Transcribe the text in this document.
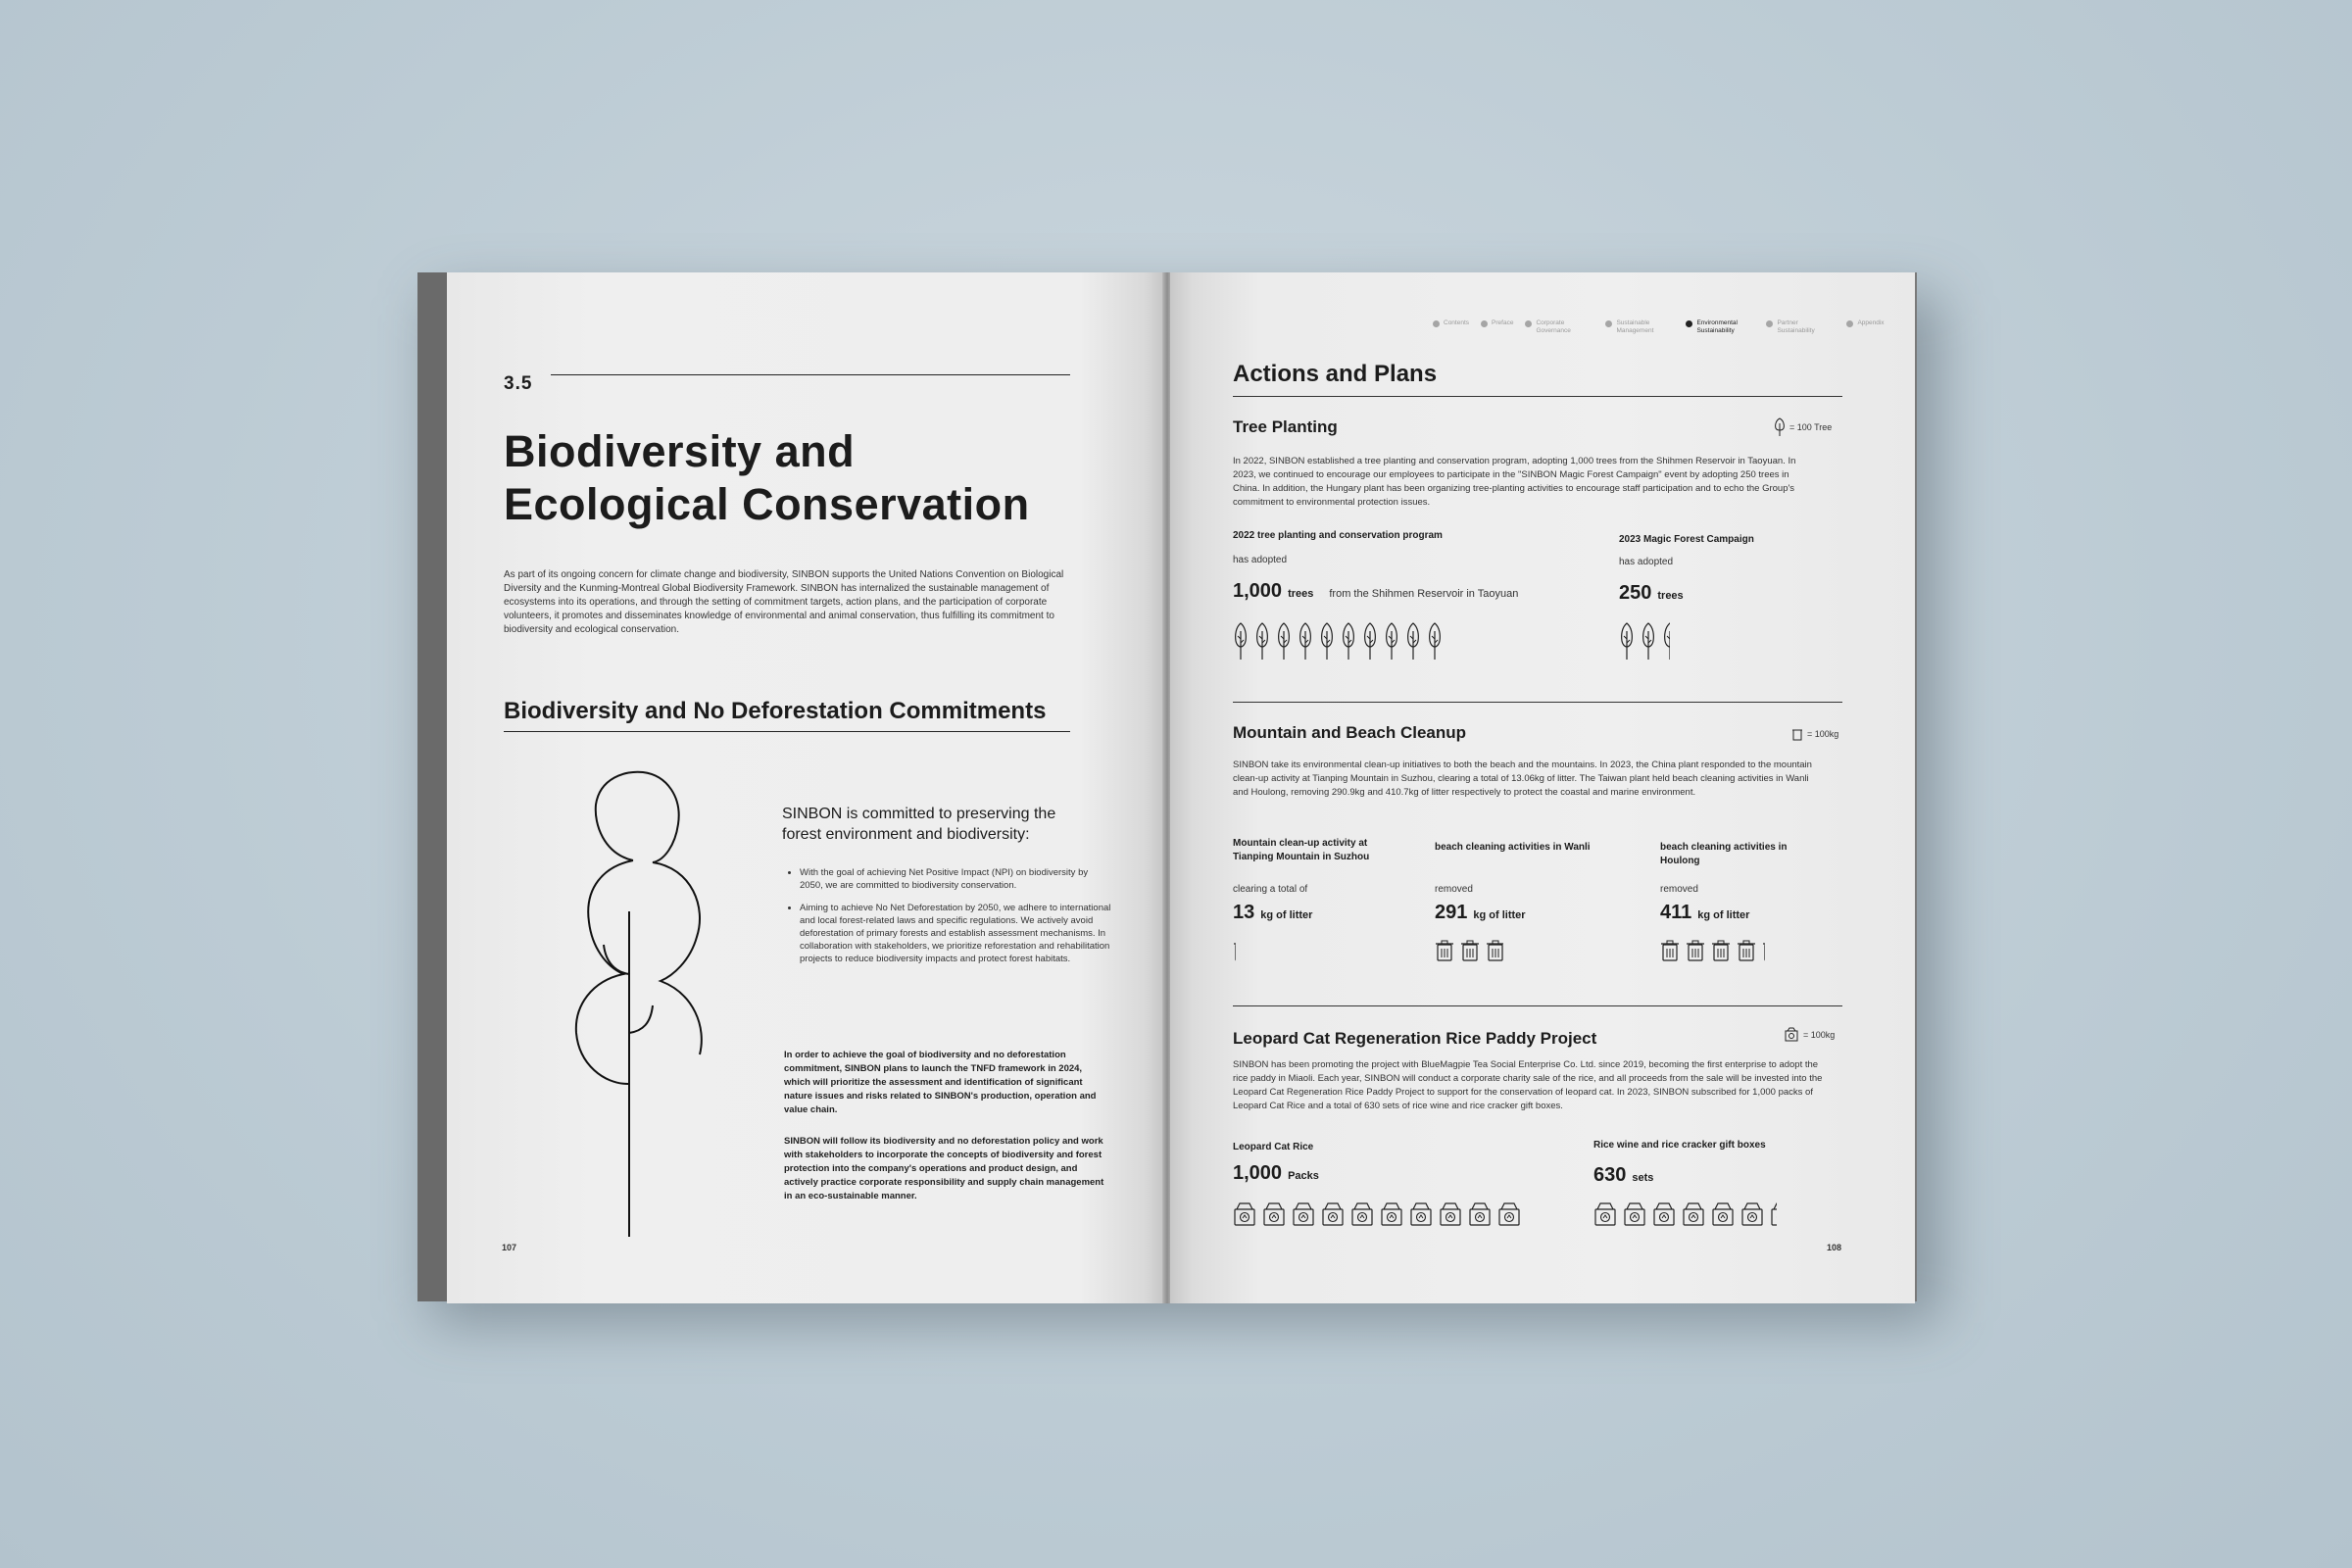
3.5
Biodiversity and
Ecological Conservation
As part of its ongoing concern for climate change and biodiversity, SINBON supports the United Nations Convention on Biological Diversity and the Kunming-Montreal Global Biodiversity Framework. SINBON has internalized the sustainable management of ecosystems into its operations, and through the setting of commitment targets, action plans, and the participation of corporate volunteers, it promotes and disseminates knowledge of environmental and animal conservation, thus fulfilling its commitment to biodiversity and ecological conservation.
Biodiversity and No Deforestation Commitments
SINBON is committed to preserving the forest environment and biodiversity:
• With the goal of achieving Net Positive Impact (NPI) on biodiversity by 2050, we are committed to biodiversity conservation.
• Aiming to achieve No Net Deforestation by 2050, we adhere to international and local forest-related laws and specific regulations. We actively avoid deforestation of primary forests and establish assessment mechanisms. In collaboration with stakeholders, we prioritize reforestation and rehabilitation projects to reduce biodiversity impacts and protect forest habitats.
In order to achieve the goal of biodiversity and no deforestation commitment, SINBON plans to launch the TNFD framework in 2024, which will prioritize the assessment and identification of significant nature issues and risks related to SINBON's production, operation and value chain.
SINBON will follow its biodiversity and no deforestation policy and work with stakeholders to incorporate the concepts of biodiversity and forest protection into the company's operations and product design, and actively practice corporate responsibility and supply chain management in an eco-sustainable manner.
107
Contents	Preface	Corporate Governance
Sustainable Management
Environmental Sustainability
Partner Sustainability
Appendix
Actions and Plans
Tree Planting	= 100 Tree
In 2022, SINBON established a tree planting and conservation program, adopting 1,000 trees from the Shihmen Reservoir in Taoyuan. In 2023, we continued to encourage our employees to participate in the "SINBON Magic Forest Campaign" event by adopting 250 trees in China. In addition, the Hungary plant has been organizing tree-planting activities to encourage staff participation and to echo the Group's commitment to environmental protection issues.
2022 tree planting and conservation program
has adopted
1,000 trees from the Shihmen Reservoir in Taoyuan
2023 Magic Forest Campaign
has adopted
250 trees
Mountain and Beach Cleanup	= 100kg
SINBON take its environmental clean-up initiatives to both the beach and the mountains. In 2023, the China plant responded to the mountain clean-up activity at Tianping Mountain in Suzhou, clearing a total of 13.06kg of litter. The Taiwan plant held beach cleaning activities in Wanli and Houlong, removing 290.9kg and 410.7kg of litter respectively to protect the coastal and marine environment.
Mountain clean-up activity at Tianping Mountain in Suzhou
clearing a total of
13 kg of litter
beach cleaning activities in Wanli
removed
291 kg of litter
beach cleaning activities in Houlong
removed
411 kg of litter
Leopard Cat Regeneration Rice Paddy Project	= 100kg
SINBON has been promoting the project with BlueMagpie Tea Social Enterprise Co. Ltd. since 2019, becoming the first enterprise to adopt the rice paddy in Miaoli. Each year, SINBON will conduct a corporate charity sale of the rice, and all proceeds from the sale will be invested into the Leopard Cat Regeneration Rice Paddy Project to support for the conservation of leopard cat. In 2023, SINBON subscribed for 1,000 packs of Leopard Cat Rice and a total of 630 sets of rice wine and rice cracker gift boxes.
Leopard Cat Rice
1,000 Packs
Rice wine and rice cracker gift boxes
630 sets
108
